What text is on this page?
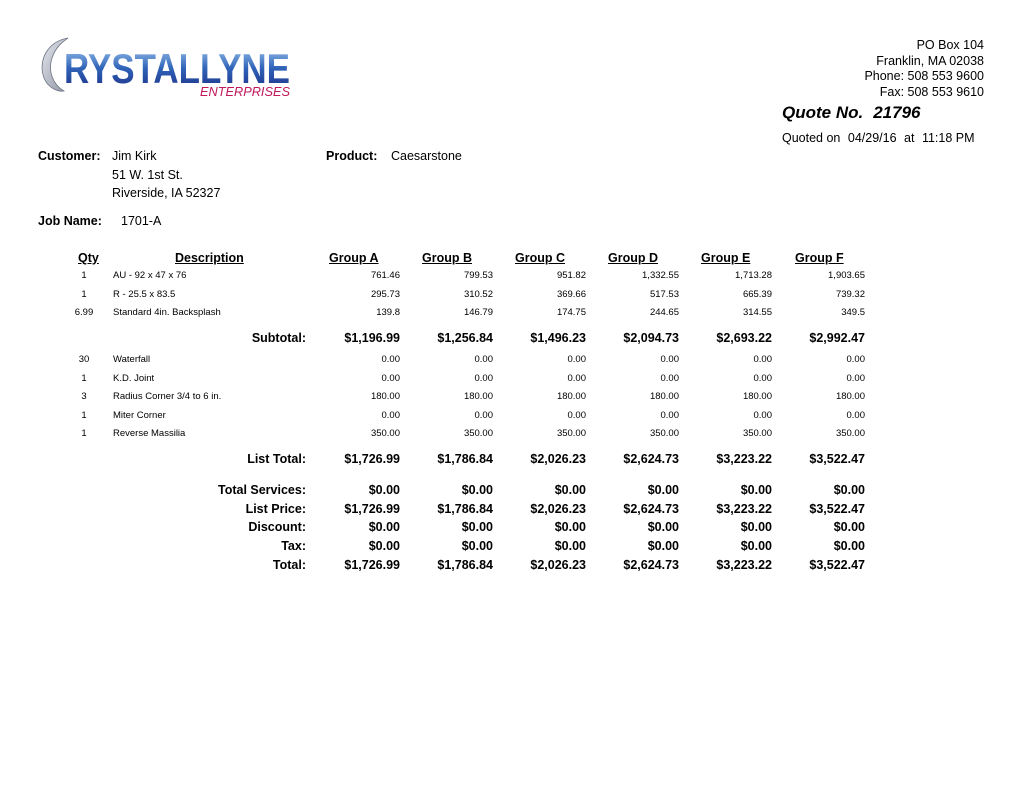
RYSTALLYNE
ENTERPRISES
PO Box 104
Franklin, MA 02038
Phone: 508 553 9600
Fax: 508 553 9610
Quote No. 21796
Quoted on 04/29/16 at 11:18 PM
Customer: Jim Kirk
51 W. 1st St.
Riverside, IA 52327
Product: Caesarstone
Job Name: 1701-A
Qty	Description	Group A	Group B	Group C	Group D	Group E	Group F
1	AU - 92 x 47 x 76	761.46	799.53	951.82	1,332.55	1,713.28	1,903.65
1	R - 25.5 x 83.5	295.73	310.52	369.66	517.53	665.39	739.32
6.99	Standard 4in. Backsplash	139.8	146.79	174.75	244.65	314.55	349.5
Subtotal:	$1,196.99	$1,256.84	$1,496.23	$2,094.73	$2,693.22	$2,992.47
30	Waterfall	0.00	0.00	0.00	0.00	0.00	0.00
1	K.D. Joint	0.00	0.00	0.00	0.00	0.00	0.00
3	Radius Corner 3/4 to 6 in.	180.00	180.00	180.00	180.00	180.00	180.00
1	Miter Corner	0.00	0.00	0.00	0.00	0.00	0.00
1	Reverse Massilia	350.00	350.00	350.00	350.00	350.00	350.00
List Total:	$1,726.99	$1,786.84	$2,026.23	$2,624.73	$3,223.22	$3,522.47
Total Services:	$0.00	$0.00	$0.00	$0.00	$0.00	$0.00
List Price:	$1,726.99	$1,786.84	$2,026.23	$2,624.73	$3,223.22	$3,522.47
Discount:	$0.00	$0.00	$0.00	$0.00	$0.00	$0.00
Tax:	$0.00	$0.00	$0.00	$0.00	$0.00	$0.00
Total:	$1,726.99	$1,786.84	$2,026.23	$2,624.73	$3,223.22	$3,522.47
